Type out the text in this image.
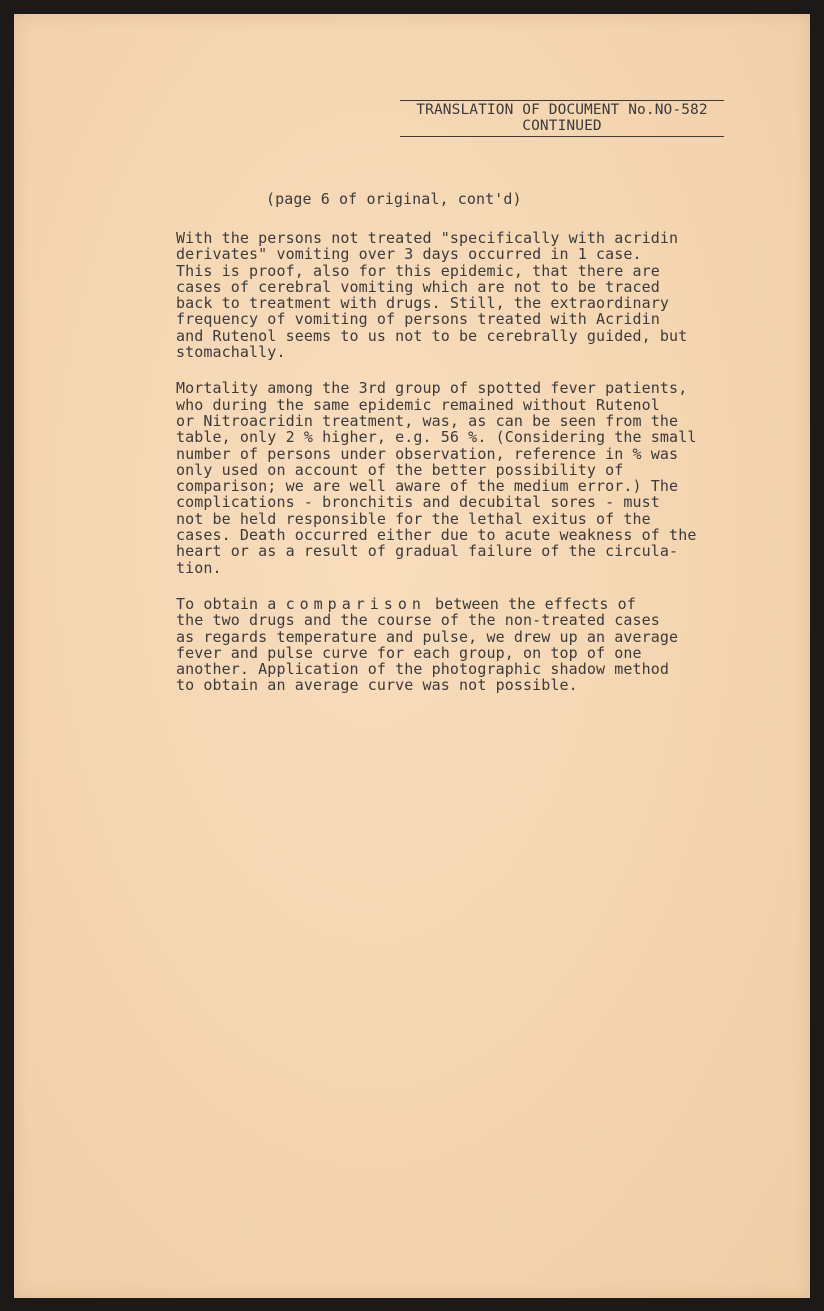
TRANSLATION OF DOCUMENT No.NO-582
CONTINUED
(page 6 of original, cont'd)

With the persons not treated "specifically with acridin
derivates" vomiting over 3 days occurred in 1 case.
This is proof, also for this epidemic, that there are
cases of cerebral vomiting which are not to be traced
back to treatment with drugs. Still, the extraordinary
frequency of vomiting of persons treated with Acridin
and Rutenol seems to us not to be cerebrally guided, but
stomachally.

Mortality among the 3rd group of spotted fever patients,
who during the same epidemic remained without Rutenol
or Nitroacridin treatment, was, as can be seen from the
table, only 2 % higher, e.g. 56 %. (Considering the small
number of persons under observation, reference in % was
only used on account of the better possibility of
comparison; we are well aware of the medium error.) The
complications - bronchitis and decubital sores - must
not be held responsible for the lethal exitus of the
cases. Death occurred either due to acute weakness of the
heart or as a result of gradual failure of the circula-
tion.

To obtain a comparison between the effects of
the two drugs and the course of the non-treated cases
as regards temperature and pulse, we drew up an average
fever and pulse curve for each group, on top of one
another. Application of the photographic shadow method
to obtain an average curve was not possible.
